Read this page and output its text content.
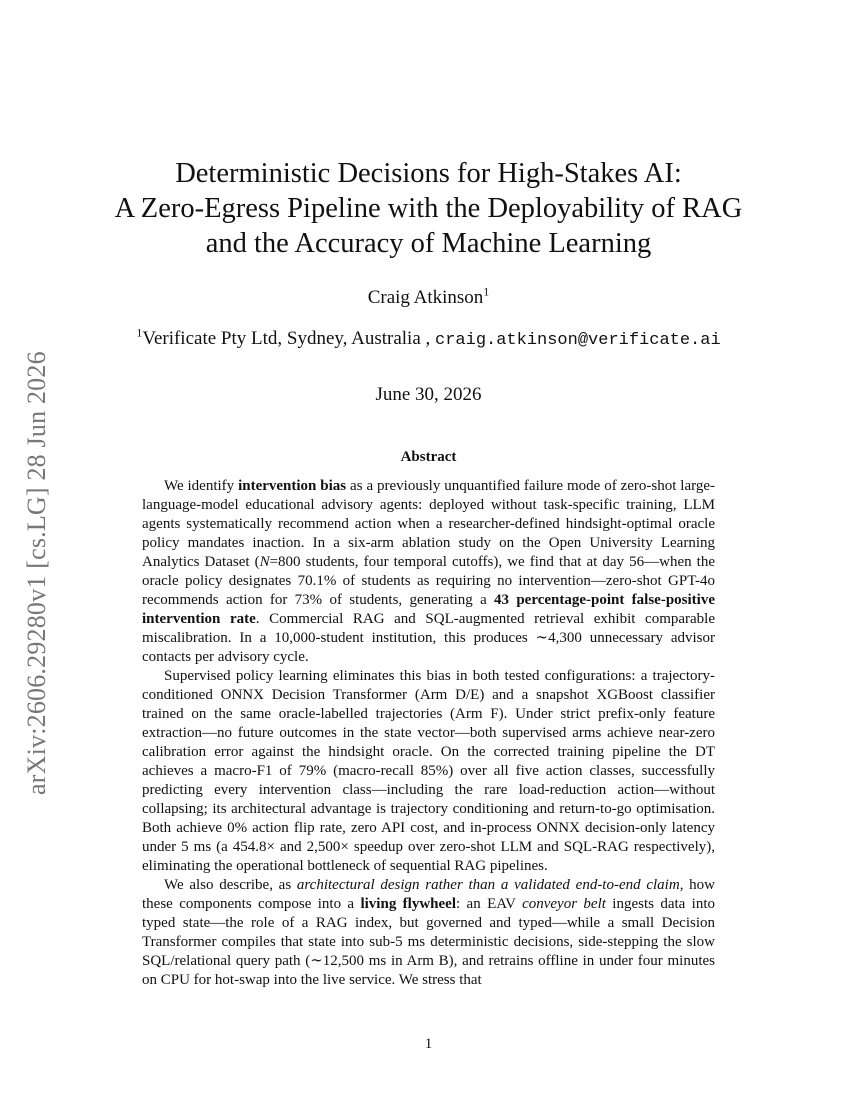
arXiv:2606.29280v1 [cs.LG] 28 Jun 2026
Deterministic Decisions for High-Stakes AI:
A Zero-Egress Pipeline with the Deployability of RAG
and the Accuracy of Machine Learning
Craig Atkinson$^1$
$^1$Verificate Pty Ltd, Sydney, Australia , craig.atkinson@verificate.ai
June 30, 2026
Abstract

We identify intervention bias as a previously unquantified failure mode of zero-shot large-language-model educational advisory agents: deployed without task-specific training, LLM agents systematically recommend action when a researcher-defined hindsight-optimal oracle policy mandates inaction. In a six-arm ablation study on the Open University Learning Analytics Dataset (N=800 students, four temporal cutoffs), we find that at day 56—when the oracle policy designates 70.1% of students as requiring no intervention—zero-shot GPT-4o recommends action for 73% of students, generating a 43 percentage-point false-positive intervention rate. Commercial RAG and SQL-augmented retrieval exhibit comparable miscalibration. In a 10,000-student institution, this produces ∼4,300 unnecessary advisor contacts per advisory cycle.

Supervised policy learning eliminates this bias in both tested configurations: a trajectory-conditioned ONNX Decision Transformer (Arm D/E) and a snapshot XGBoost classifier trained on the same oracle-labelled trajectories (Arm F). Under strict prefix-only feature extraction—no future outcomes in the state vector—both supervised arms achieve near-zero calibration error against the hindsight oracle. On the corrected training pipeline the DT achieves a macro-F1 of 79% (macro-recall 85%) over all five action classes, successfully predicting every intervention class—including the rare load-reduction action—without collapsing; its architectural advantage is trajectory conditioning and return-to-go optimisation. Both achieve 0% action flip rate, zero API cost, and in-process ONNX decision-only latency under 5 ms (a 454.8× and 2,500× speedup over zero-shot LLM and SQL-RAG respectively), eliminating the operational bottleneck of sequential RAG pipelines.

We also describe, as architectural design rather than a validated end-to-end claim, how these components compose into a living flywheel: an EAV conveyor belt ingests data into typed state—the role of a RAG index, but governed and typed—while a small Decision Transformer compiles that state into sub-5 ms deterministic decisions, side-stepping the slow SQL/relational query path (∼12,500 ms in Arm B), and retrains offline in under four minutes on CPU for hot-swap into the live service. We stress that

1
